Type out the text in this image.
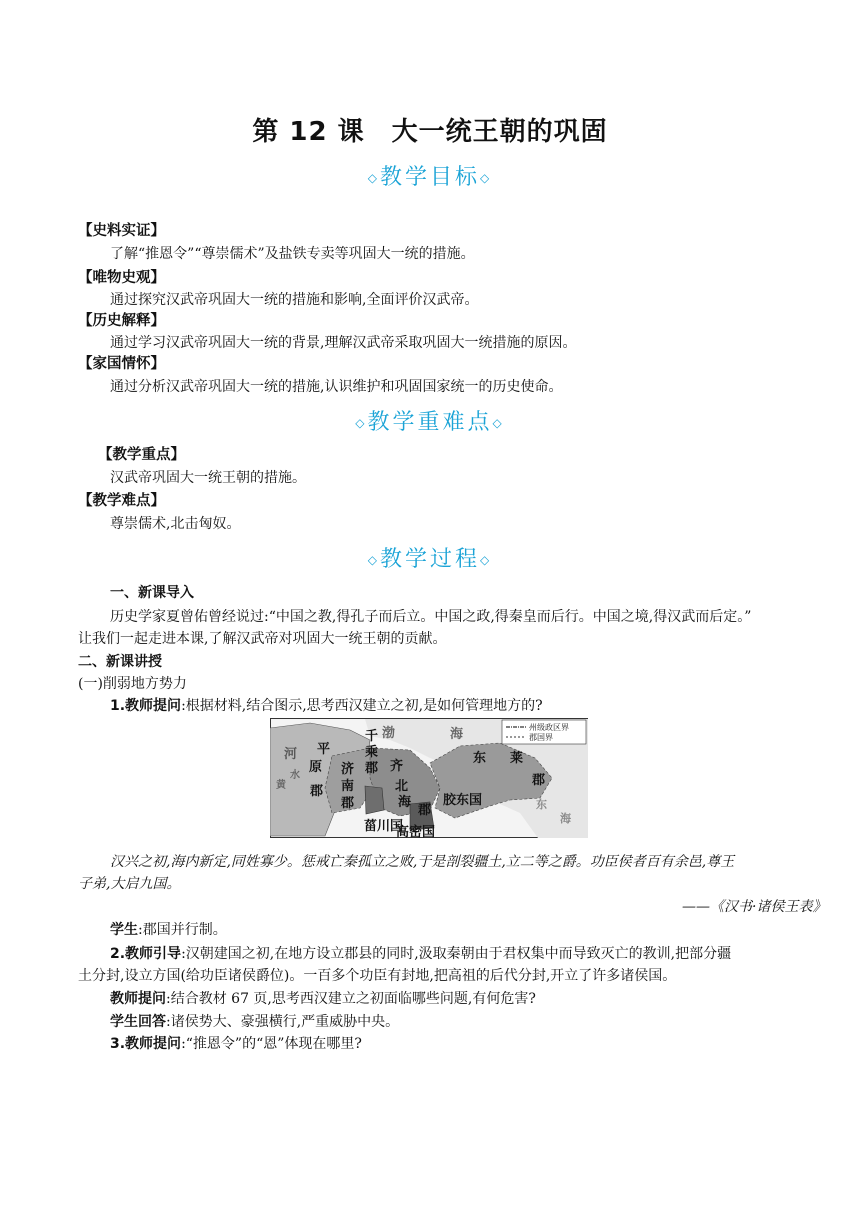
第 12 课　大一统王朝的巩固
◇教学目标◇
【史料实证】
了解“推恩令”“尊崇儒术”及盐铁专卖等巩固大一统的措施。
【唯物史观】
通过探究汉武帝巩固大一统的措施和影响,全面评价汉武帝。
【历史解释】
通过学习汉武帝巩固大一统的背景,理解汉武帝采取巩固大一统措施的原因。
【家国情怀】
通过分析汉武帝巩固大一统的措施,认识维护和巩固国家统一的历史使命。
◇教学重难点◇
【教学重点】
汉武帝巩固大一统王朝的措施。
【教学难点】
尊崇儒术,北击匈奴。
◇教学过程◇
一、新课导入
历史学家夏曾佑曾经说过:“中国之教,得孔子而后立。中国之政,得秦皇而后行。中国之境,得汉武而后定。”
让我们一起走进本课,了解汉武帝对巩固大一统王朝的贡献。
二、新课讲授
(一)削弱地方势力
1.教师提问:根据材料,结合图示,思考西汉建立之初,是如何管理地方的?
州级政区界
郡国界
河 平
原
郡
千
乘
郡
济
南
郡
渤	海
齐
北
海
郡
东 莱
郡
胶东国
菑川国
高密国
东
海
水
黄
汉兴之初,海内新定,同姓寡少。惩戒亡秦孤立之败,于是剖裂疆土,立二等之爵。功臣侯者百有余邑,尊王
子弟,大启九国。
——《汉书·诸侯王表》
学生:郡国并行制。
2.教师引导:汉朝建国之初,在地方设立郡县的同时,汲取秦朝由于君权集中而导致灭亡的教训,把部分疆
土分封,设立方国(给功臣诸侯爵位)。一百多个功臣有封地,把高祖的后代分封,开立了许多诸侯国。
教师提问:结合教材 67 页,思考西汉建立之初面临哪些问题,有何危害?
学生回答:诸侯势大、豪强横行,严重威胁中央。
3.教师提问:“推恩令”的“恩”体现在哪里?
